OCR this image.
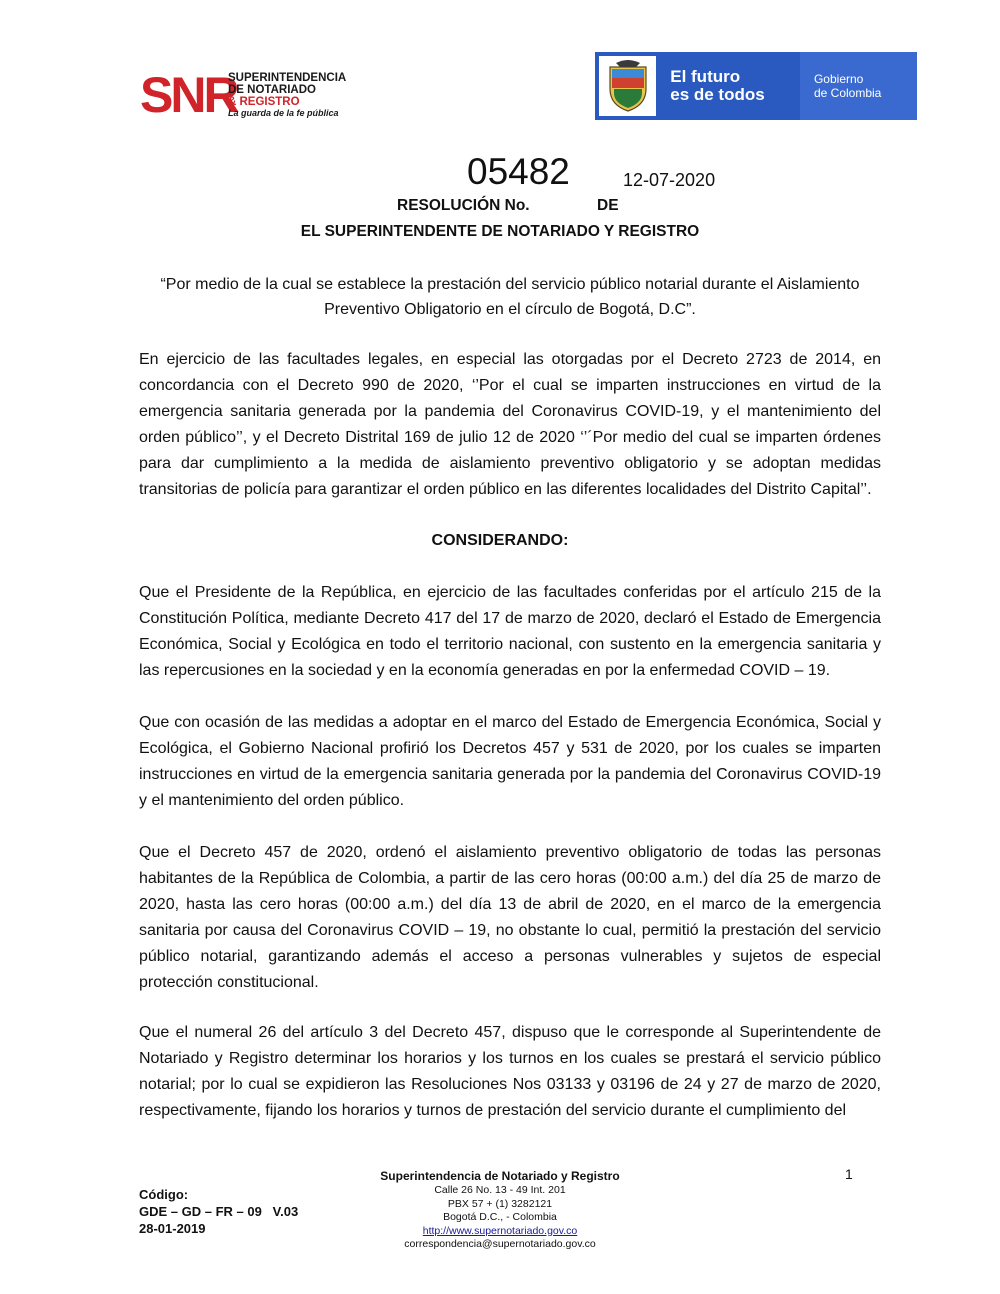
SNR
SUPERINTENDENCIA
DE NOTARIADO
& REGISTRO
La guarda de la fe pública
El futuro
es de todos
Gobierno
de Colombia
05482	12-07-2020
RESOLUCIÓN No.	DE
EL SUPERINTENDENTE DE NOTARIADO Y REGISTRO
“Por medio de la cual se establece la prestación del servicio público notarial durante el Aislamiento Preventivo Obligatorio en el círculo de Bogotá, D.C”.
En ejercicio de las facultades legales, en especial las otorgadas por el Decreto 2723 de 2014, en concordancia con el Decreto 990 de 2020, ‘’Por el cual se imparten instrucciones en virtud de la emergencia sanitaria generada por la pandemia del Coronavirus COVID-19, y el mantenimiento del orden público’’, y el Decreto Distrital 169 de julio 12 de 2020 ‘’´Por medio del cual se imparten órdenes para dar cumplimiento a la medida de aislamiento preventivo obligatorio y se adoptan medidas transitorias de policía para garantizar el orden público en las diferentes localidades del Distrito Capital’’.
CONSIDERANDO:
Que el Presidente de la República, en ejercicio de las facultades conferidas por el artículo 215 de la Constitución Política, mediante Decreto 417 del 17 de marzo de 2020, declaró el Estado de Emergencia Económica, Social y Ecológica en todo el territorio nacional, con sustento en la emergencia sanitaria y las repercusiones en la sociedad y en la economía generadas en por la enfermedad COVID – 19.
Que con ocasión de las medidas a adoptar en el marco del Estado de Emergencia Económica, Social y Ecológica, el Gobierno Nacional profirió los Decretos 457 y 531 de 2020, por los cuales se imparten instrucciones en virtud de la emergencia sanitaria generada por la pandemia del Coronavirus COVID-19 y el mantenimiento del orden público.
Que el Decreto 457 de 2020, ordenó el aislamiento preventivo obligatorio de todas las personas habitantes de la República de Colombia, a partir de las cero horas (00:00 a.m.) del día 25 de marzo de 2020, hasta las cero horas (00:00 a.m.) del día 13 de abril de 2020, en el marco de la emergencia sanitaria por causa del Coronavirus COVID – 19, no obstante lo cual, permitió la prestación del servicio público notarial, garantizando además el acceso a personas vulnerables y sujetos de especial protección constitucional.
Que el numeral 26 del artículo 3 del Decreto 457, dispuso que le corresponde al Superintendente de Notariado y Registro determinar los horarios y los turnos en los cuales se prestará el servicio público notarial; por lo cual se expidieron las Resoluciones Nos 03133 y 03196 de 24 y 27 de marzo de 2020, respectivamente, fijando los horarios y turnos de prestación del servicio durante el cumplimiento del
Código:
GDE – GD – FR – 09   V.03
28-01-2019
Superintendencia de Notariado y Registro
Calle 26 No. 13 - 49 Int. 201
PBX 57 + (1) 3282121
Bogotá D.C., - Colombia
http://www.supernotariado.gov.co
correspondencia@supernotariado.gov.co
1
